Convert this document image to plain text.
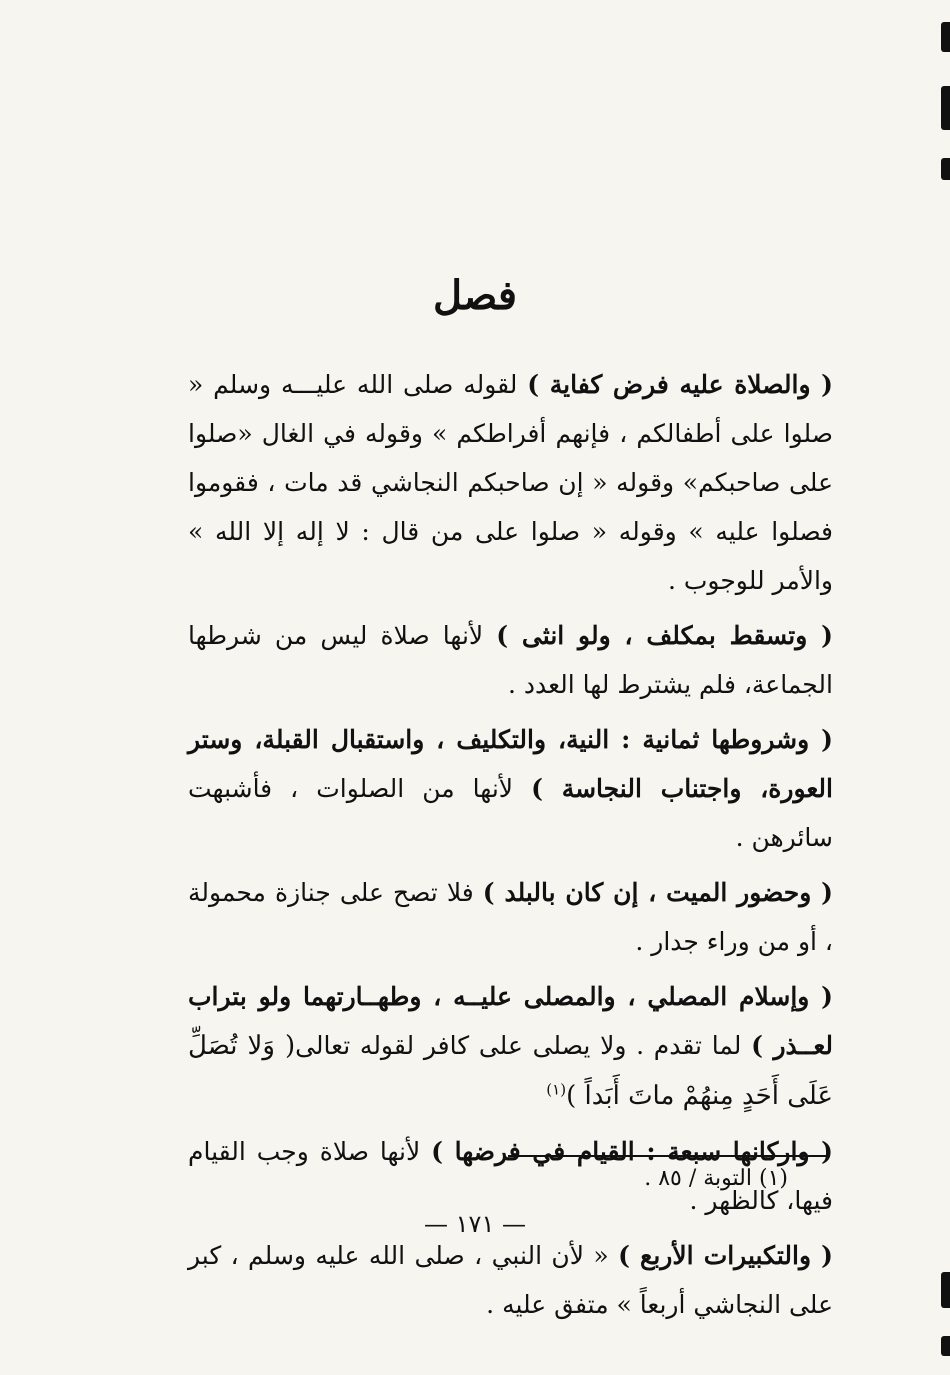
فصل

( والصلاة عليه فرض كفاية ) لقوله صلى الله عليـــه وسلم « صلوا على أطفالكم ، فإنهم أفراطكم » وقوله في الغال «صلوا على صاحبكم» وقوله « إن صاحبكم النجاشي قد مات ، فقوموا فصلوا عليه » وقوله « صلوا على من قال : لا إله إلا الله » والأمر للوجوب .

( وتسقط بمكلف ، ولو انثى ) لأنها صلاة ليس من شرطها الجماعة، فلم يشترط لها العدد .

( وشروطها ثمانية : النية، والتكليف ، واستقبال القبلة، وستر العورة، واجتناب النجاسة ) لأنها من الصلوات ، فأشبهت سائرهن .

( وحضور الميت ، إن كان بالبلد ) فلا تصح على جنازة محمولة ، أو من وراء جدار .

( وإسلام المصلي ، والمصلى عليــه ، وطهــارتهما ولو بتراب لعــذر ) لما تقدم . ولا يصلى على كافر لقوله تعالى( وَلا تُصَلِّ عَلَى أَحَدٍ مِنهُمْ ماتَ أَبَداً )$^{(١)}$

( واركانها سبعة : القيام في فرضها ) لأنها صلاة وجب القيام فيها، كالظهر .

( والتكبيرات الأربع ) « لأن النبي ، صلى الله عليه وسلم ، كبر على النجاشي أربعاً » متفق عليه .

(١) التوبة / ٨٥ .
— ١٧١ —
